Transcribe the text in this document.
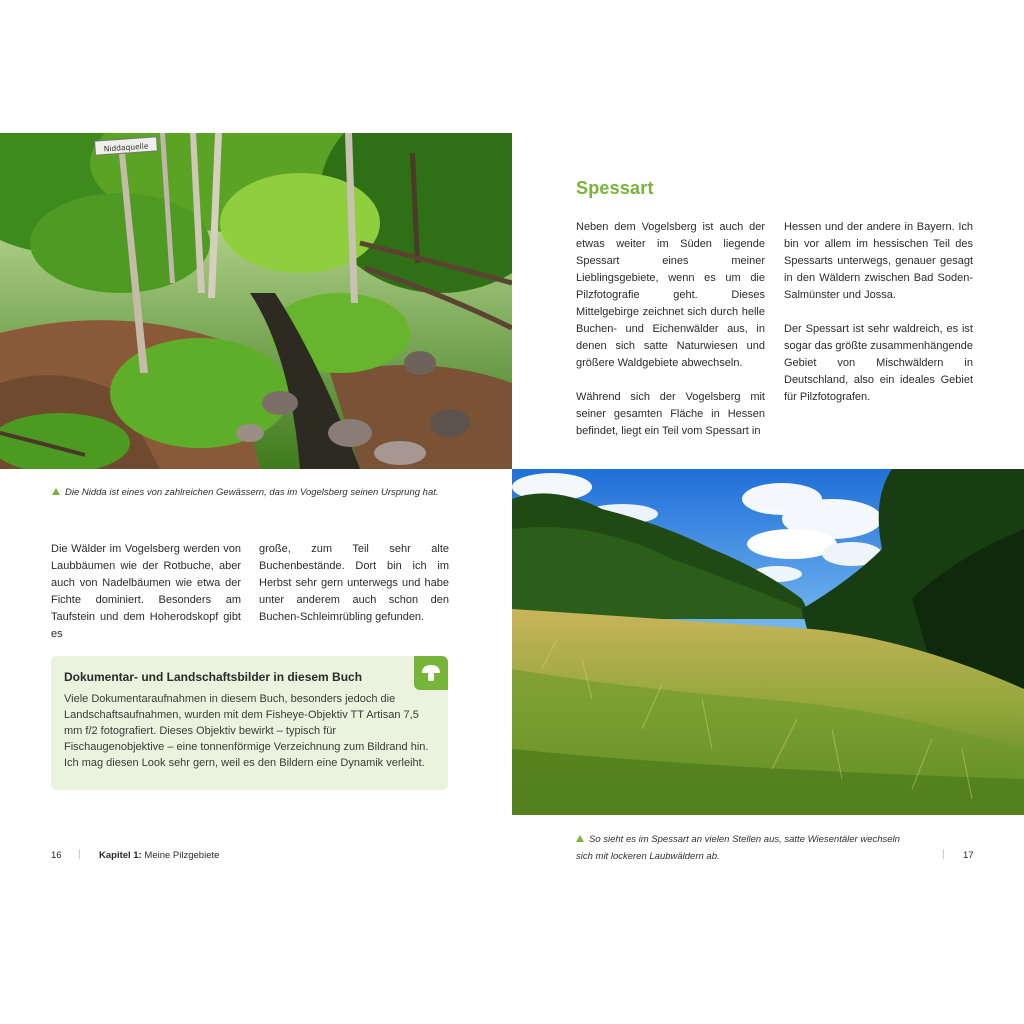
Niddaquelle
Die Nidda ist eines von zahlreichen Gewässern, das im Vogelsberg seinen Ursprung hat.

Die Wälder im Vogelsberg werden von Laubbäumen wie der Rotbuche, aber auch von Nadelbäumen wie etwa der Fichte dominiert. Besonders am Taufstein und dem Hoherodskopf gibt es

große, zum Teil sehr alte Buchenbestände. Dort bin ich im Herbst sehr gern unterwegs und habe unter anderem auch schon den Buchen-Schleimrübling gefunden.

Dokumentar- und Landschaftsbilder in diesem Buch
Viele Dokumentaraufnahmen in diesem Buch, besonders jedoch die Landschaftsaufnahmen, wurden mit dem Fisheye-Objektiv TT Artisan 7,5 mm f/2 fotografiert. Dieses Objektiv bewirkt – typisch für Fischaugenobjektive – eine tonnenförmige Verzeichnung zum Bildrand hin. Ich mag diesen Look sehr gern, weil es den Bildern eine Dynamik verleiht.
16 | Kapitel 1: Meine Pilzgebiete
Spessart

Neben dem Vogelsberg ist auch der etwas weiter im Süden liegende Spessart eines meiner Lieblingsgebiete, wenn es um die Pilzfotografie geht. Dieses Mittelgebirge zeichnet sich durch helle Buchen- und Eichenwälder aus, in denen sich satte Naturwiesen und größere Waldgebiete abwechseln.

Während sich der Vogelsberg mit seiner gesamten Fläche in Hessen befindet, liegt ein Teil vom Spessart in

Hessen und der andere in Bayern. Ich bin vor allem im hessischen Teil des Spessarts unterwegs, genauer gesagt in den Wäldern zwischen Bad Soden-Salmünster und Jossa.

Der Spessart ist sehr waldreich, es ist sogar das größte zusammenhängende Gebiet von Mischwäldern in Deutschland, also ein ideales Gebiet für Pilzfotografen.

So sieht es im Spessart an vielen Stellen aus, satte Wiesentäler wechseln sich mit lockeren Laubwäldern ab.	| 17
